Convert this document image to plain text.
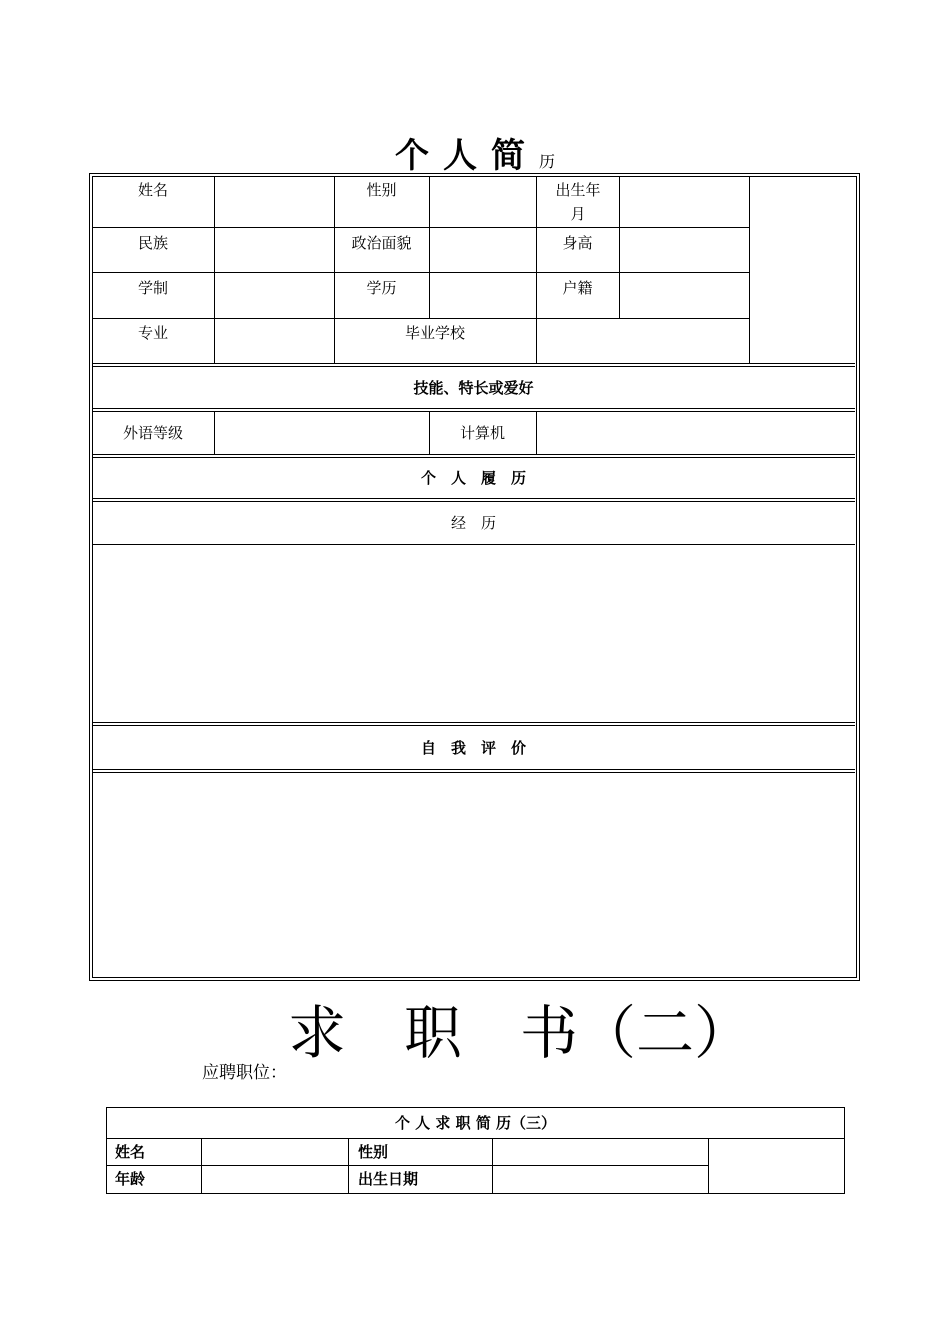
个人简历
姓名	性别	出生年月
民族	政治面貌	身高
学制	学历	户籍
专业	毕业学校
技能、特长或爱好
外语等级	计算机
个　人　履　历
经　历
自　我　评　价
求　职　书（二）
应聘职位：
个 人 求 职 简 历（三）
姓名	性别
年龄	出生日期
